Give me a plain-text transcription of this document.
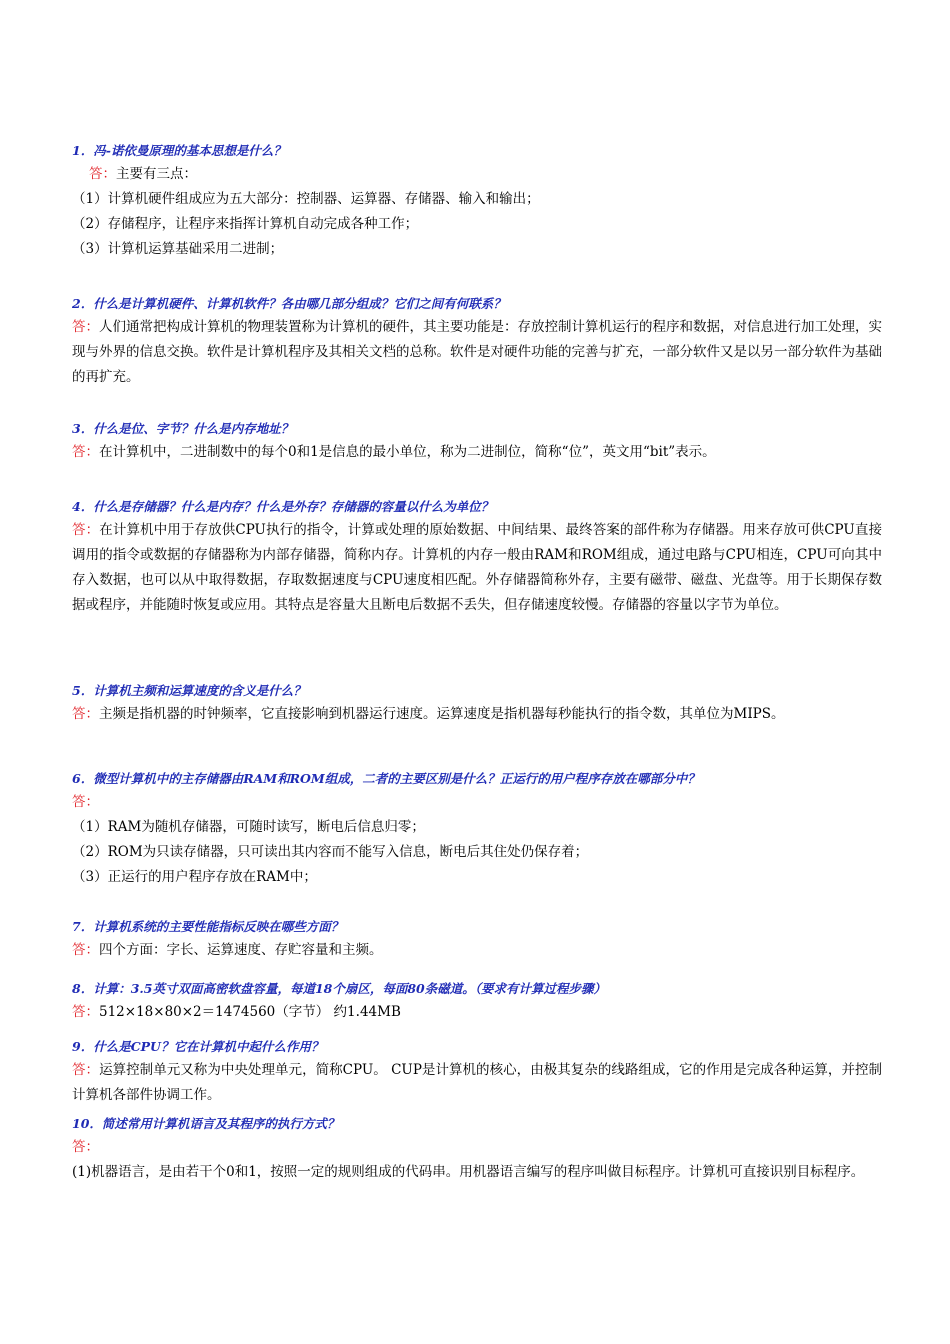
1．冯-诺依曼原理的基本思想是什么？
答：主要有三点：
（1）计算机硬件组成应为五大部分：控制器、运算器、存储器、输入和输出；
（2）存储程序，让程序来指挥计算机自动完成各种工作；
（3）计算机运算基础采用二进制；
2．什么是计算机硬件、计算机软件？各由哪几部分组成？它们之间有何联系？
答：人们通常把构成计算机的物理装置称为计算机的硬件，其主要功能是：存放控制计算机运行的程序和数据，对信息进行加工处理，实现与外界的信息交换。软件是计算机程序及其相关文档的总称。软件是对硬件功能的完善与扩充，一部分软件又是以另一部分软件为基础的再扩充。
3．什么是位、字节？什么是内存地址？
答：在计算机中，二进制数中的每个0和1是信息的最小单位，称为二进制位，简称“位”，英文用“bit”表示。
4．什么是存储器？什么是内存？什么是外存？存储器的容量以什么为单位？
答：在计算机中用于存放供CPU执行的指令，计算或处理的原始数据、中间结果、最终答案的部件称为存储器。用来存放可供CPU直接调用的指令或数据的存储器称为内部存储器，简称内存。计算机的内存一般由RAM和ROM组成，通过电路与CPU相连，CPU可向其中存入数据，也可以从中取得数据，存取数据速度与CPU速度相匹配。外存储器简称外存，主要有磁带、磁盘、光盘等。用于长期保存数据或程序，并能随时恢复或应用。其特点是容量大且断电后数据不丢失，但存储速度较慢。存储器的容量以字节为单位。
5．计算机主频和运算速度的含义是什么？
答：主频是指机器的时钟频率，它直接影响到机器运行速度。运算速度是指机器每秒能执行的指令数，其单位为MIPS。
6．微型计算机中的主存储器由RAM和ROM组成，二者的主要区别是什么？正运行的用户程序存放在哪部分中？
答：
（1）RAM为随机存储器，可随时读写，断电后信息归零；
（2）ROM为只读存储器，只可读出其内容而不能写入信息，断电后其住处仍保存着；
（3）正运行的用户程序存放在RAM中；
7．计算机系统的主要性能指标反映在哪些方面？
答：四个方面：字长、运算速度、存贮容量和主频。
8．计算：3.5英寸双面高密软盘容量，每道18个扇区，每面80条磁道。（要求有计算过程步骤）
答：512×18×80×2＝1474560（字节） 约1.44MB
9．什么是CPU？它在计算机中起什么作用？
答：运算控制单元又称为中央处理单元，简称CPU。 CUP是计算机的核心，由极其复杂的线路组成，它的作用是完成各种运算，并控制计算机各部件协调工作。
10．简述常用计算机语言及其程序的执行方式？
答：
(1)机器语言，是由若干个0和1，按照一定的规则组成的代码串。用机器语言编写的程序叫做目标程序。计算机可直接识别目标程序。
